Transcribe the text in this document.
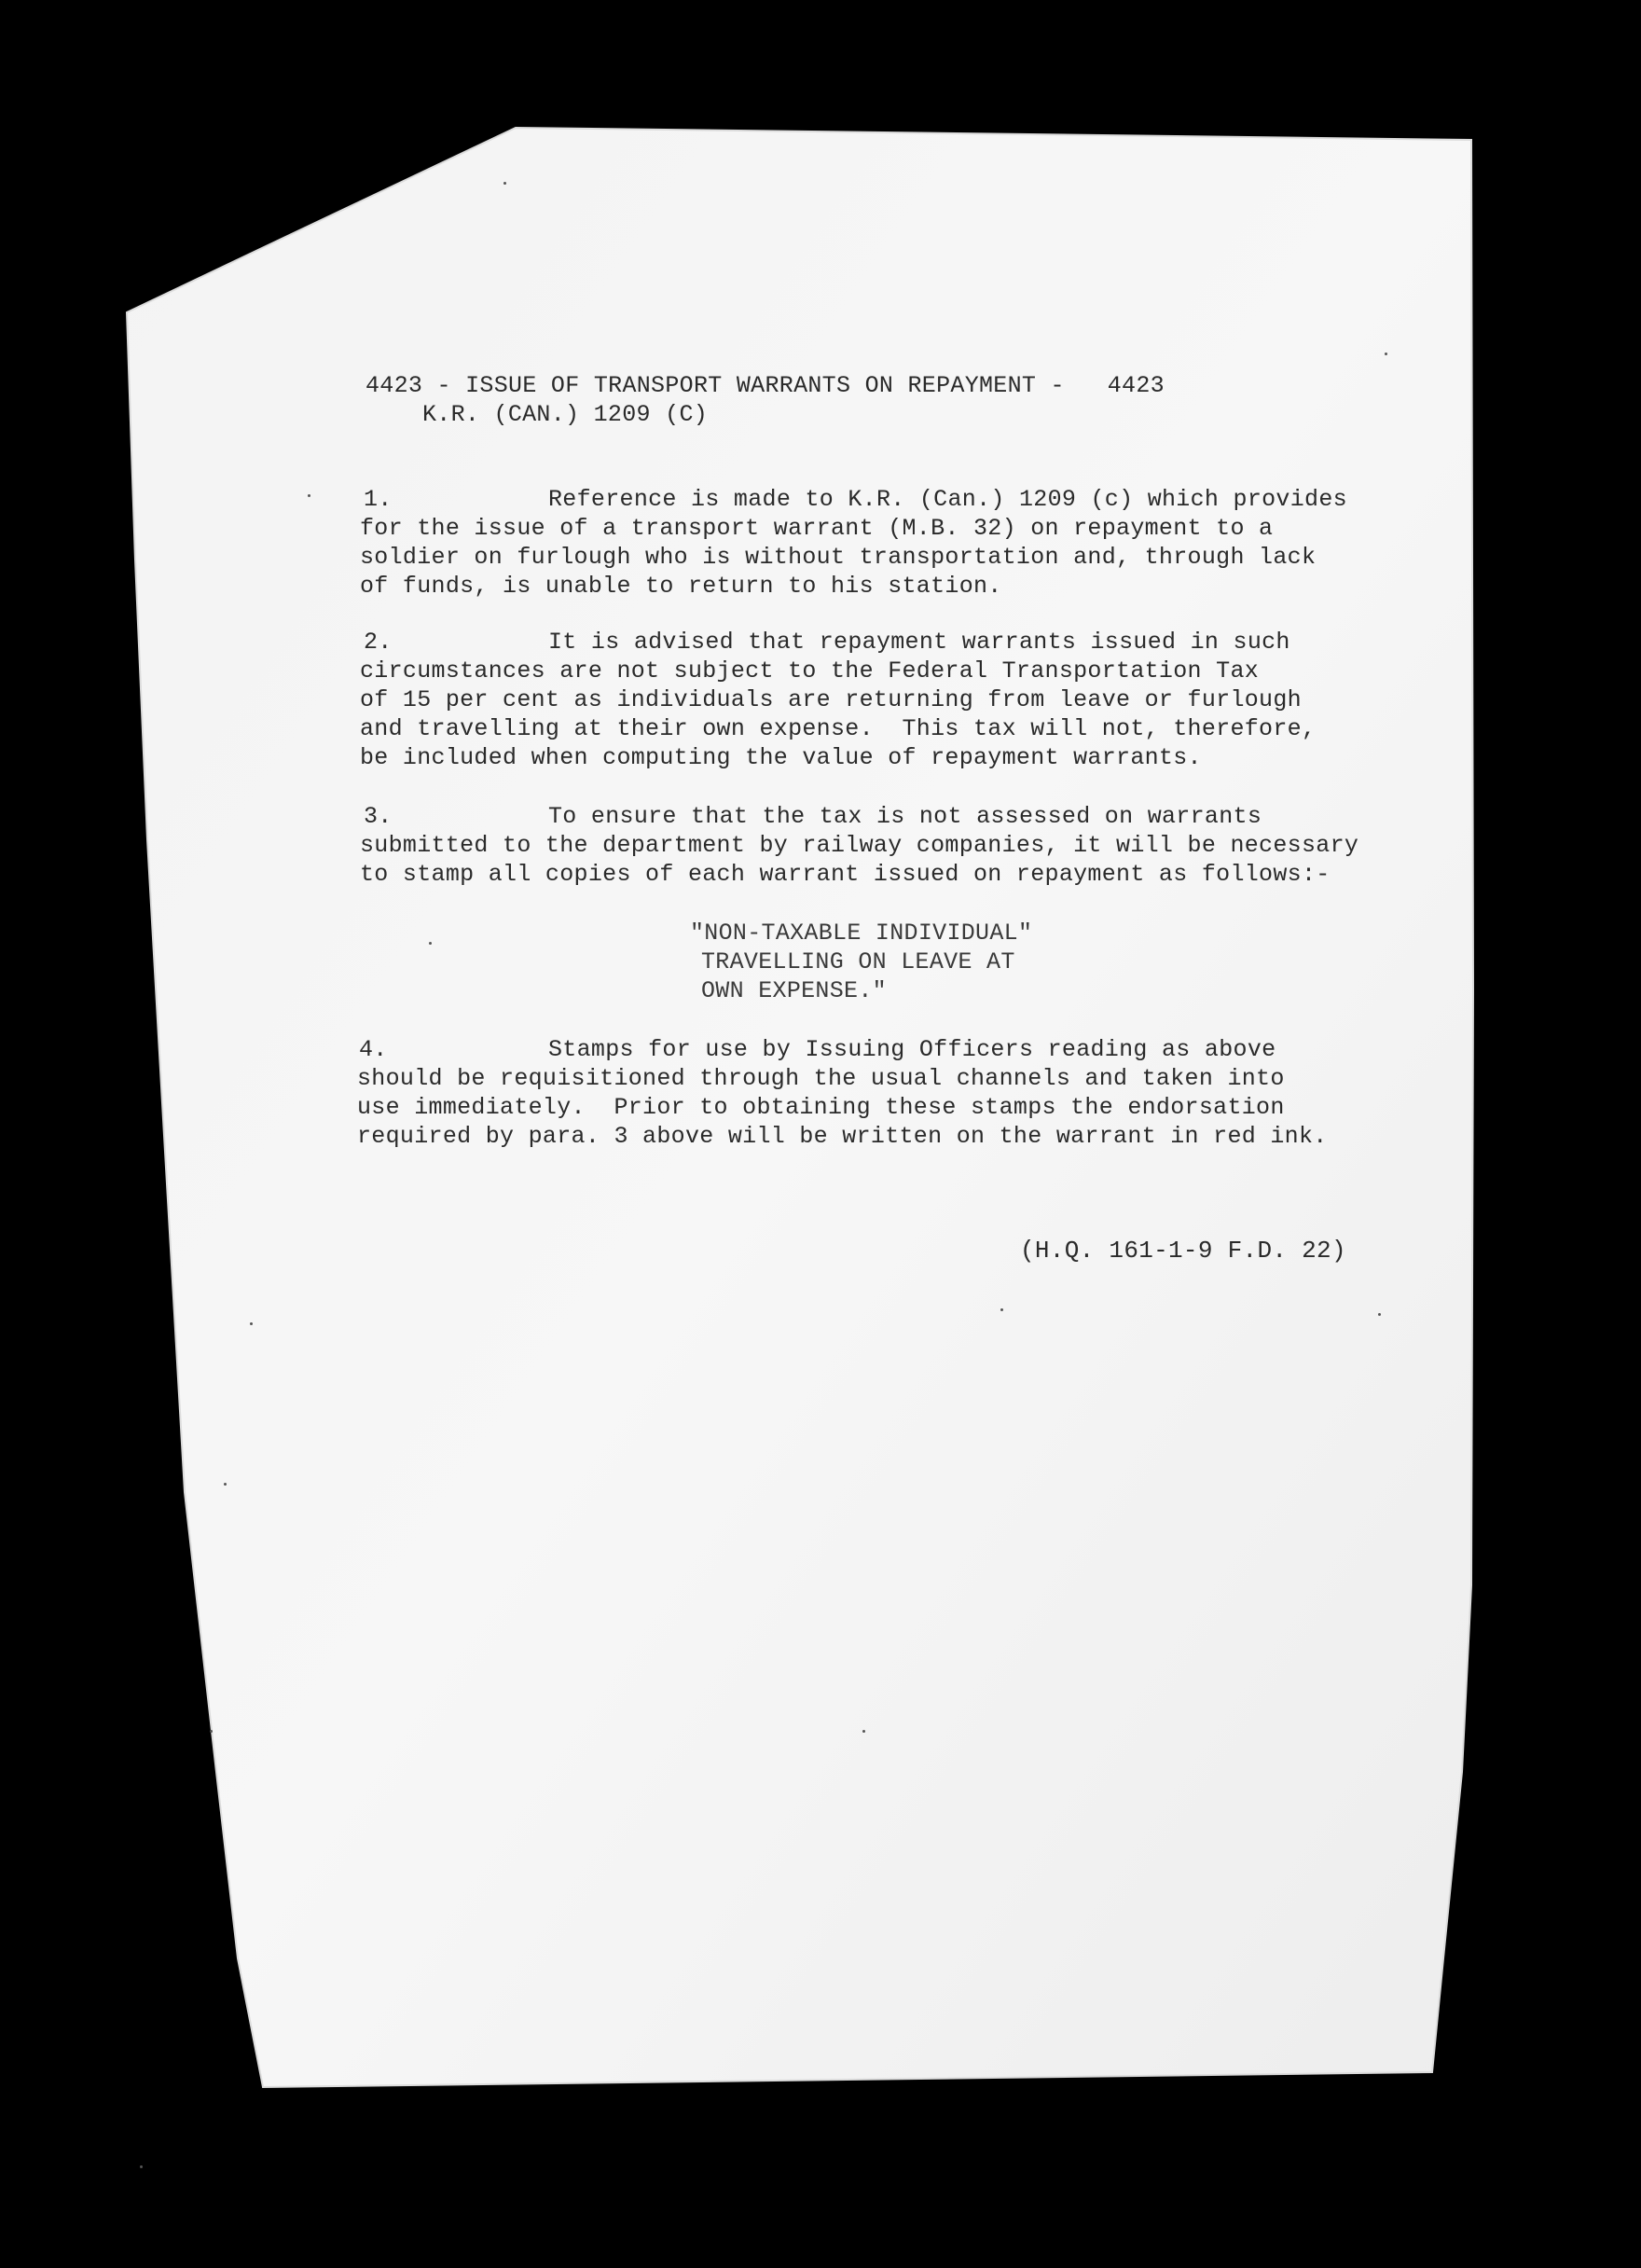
4423 - ISSUE OF TRANSPORT WARRANTS ON REPAYMENT -   4423
K.R. (CAN.) 1209 (C)
1.	Reference is made to K.R. (Can.) 1209 (c) which provides
for the issue of a transport warrant (M.B. 32) on repayment to a
soldier on furlough who is without transportation and, through lack
of funds, is unable to return to his station.
2.	It is advised that repayment warrants issued in such
circumstances are not subject to the Federal Transportation Tax
of 15 per cent as individuals are returning from leave or furlough
and travelling at their own expense.  This tax will not, therefore,
be included when computing the value of repayment warrants.
3.	To ensure that the tax is not assessed on warrants
submitted to the department by railway companies, it will be necessary
to stamp all copies of each warrant issued on repayment as follows:-
"NON-TAXABLE INDIVIDUAL"
TRAVELLING ON LEAVE AT
OWN EXPENSE."
4.	Stamps for use by Issuing Officers reading as above
should be requisitioned through the usual channels and taken into
use immediately.  Prior to obtaining these stamps the endorsation
required by para. 3 above will be written on the warrant in red ink.
(H.Q. 161-1-9 F.D. 22)
